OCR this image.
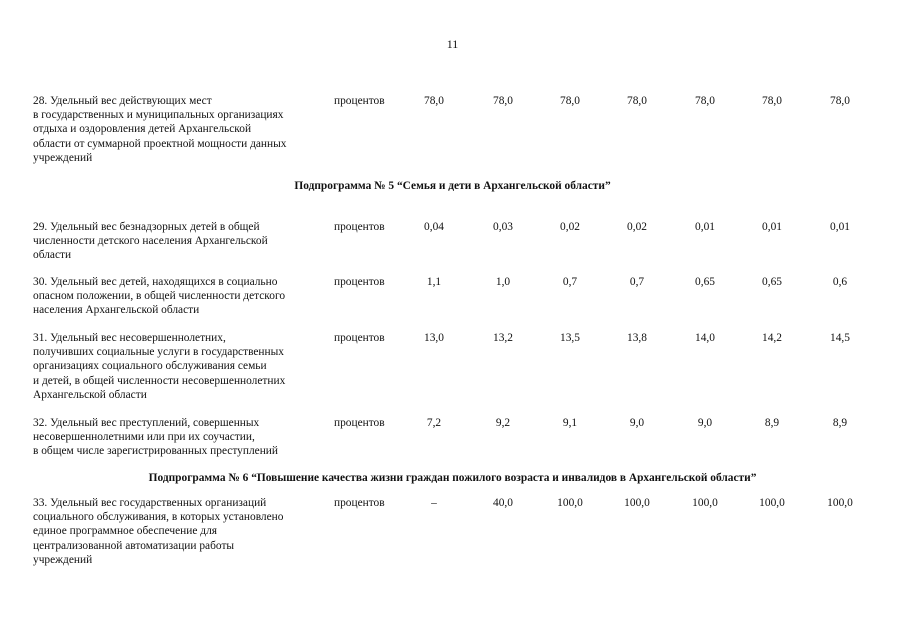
11
28. Удельный вес действующих мест
в государственных и муниципальных организациях
отдыха и оздоровления детей Архангельской
области от суммарной проектной мощности данных
учреждений
процентов	78,0	78,0	78,0	78,0	78,0	78,0	78,0
Подпрограмма № 5 “Семья и дети в Архангельской области”
29. Удельный вес безнадзорных детей в общей
численности детского населения Архангельской
области
процентов	0,04	0,03	0,02	0,02	0,01	0,01	0,01
30. Удельный вес детей, находящихся в социально
опасном положении, в общей численности детского
населения Архангельской области
процентов	1,1	1,0	0,7	0,7	0,65	0,65	0,6
31. Удельный вес несовершеннолетних,
получивших социальные услуги в государственных
организациях социального обслуживания семьи
и детей, в общей численности несовершеннолетних
Архангельской области
процентов	13,0	13,2	13,5	13,8	14,0	14,2	14,5
32. Удельный вес преступлений, совершенных
несовершеннолетними или при их соучастии,
в общем числе зарегистрированных преступлений
процентов	7,2	9,2	9,1	9,0	9,0	8,9	8,9
Подпрограмма № 6 “Повышение качества жизни граждан пожилого возраста и инвалидов в Архангельской области”
33. Удельный вес государственных организаций
социального обслуживания, в которых установлено
единое программное обеспечение для
централизованной автоматизации работы
учреждений
процентов	–	40,0	100,0	100,0	100,0	100,0	100,0
